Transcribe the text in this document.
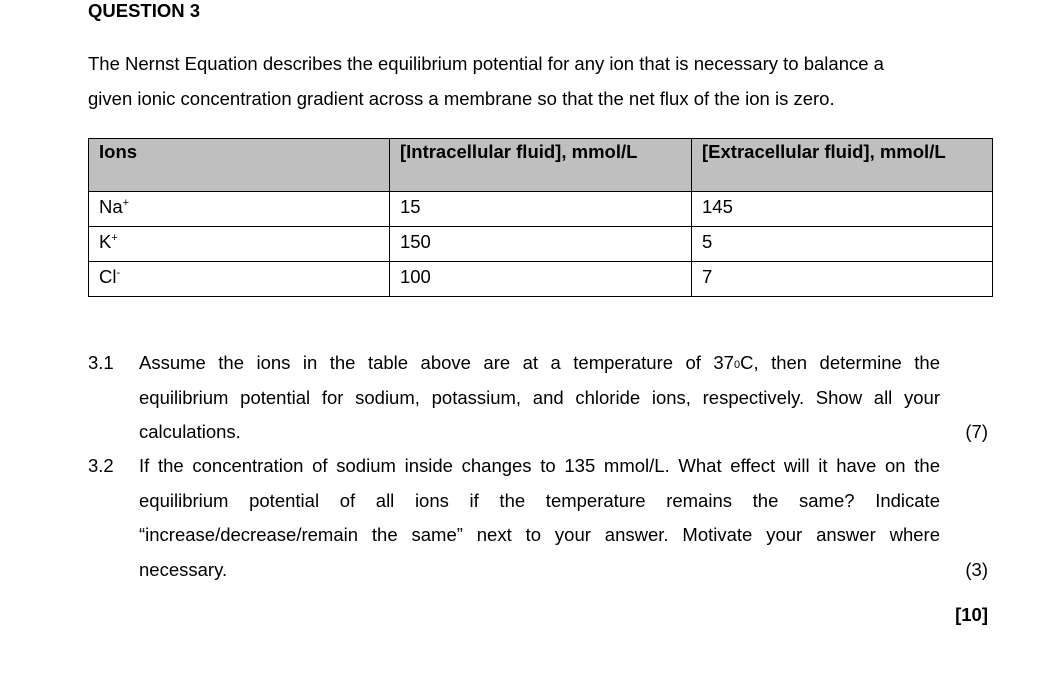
QUESTION 3
The Nernst Equation describes the equilibrium potential for any ion that is necessary to balance a
given ionic concentration gradient across a membrane so that the net flux of the ion is zero.
Ions	[Intracellular fluid], mmol/L	[Extracellular fluid], mmol/L
Na+	15	145
K+	150	5
Cl-	100	7
3.1 Assume the ions in the table above are at a temperature of $37^0C$, then determine the
equilibrium potential for sodium, potassium, and chloride ions, respectively. Show all your
calculations.	(7)
3.2 If the concentration of sodium inside changes to 135 mmol/L. What effect will it have on the
equilibrium potential of all ions if the temperature remains the same? Indicate
“increase/decrease/remain the same” next to your answer. Motivate your answer where
necessary.	(3)
[10]
